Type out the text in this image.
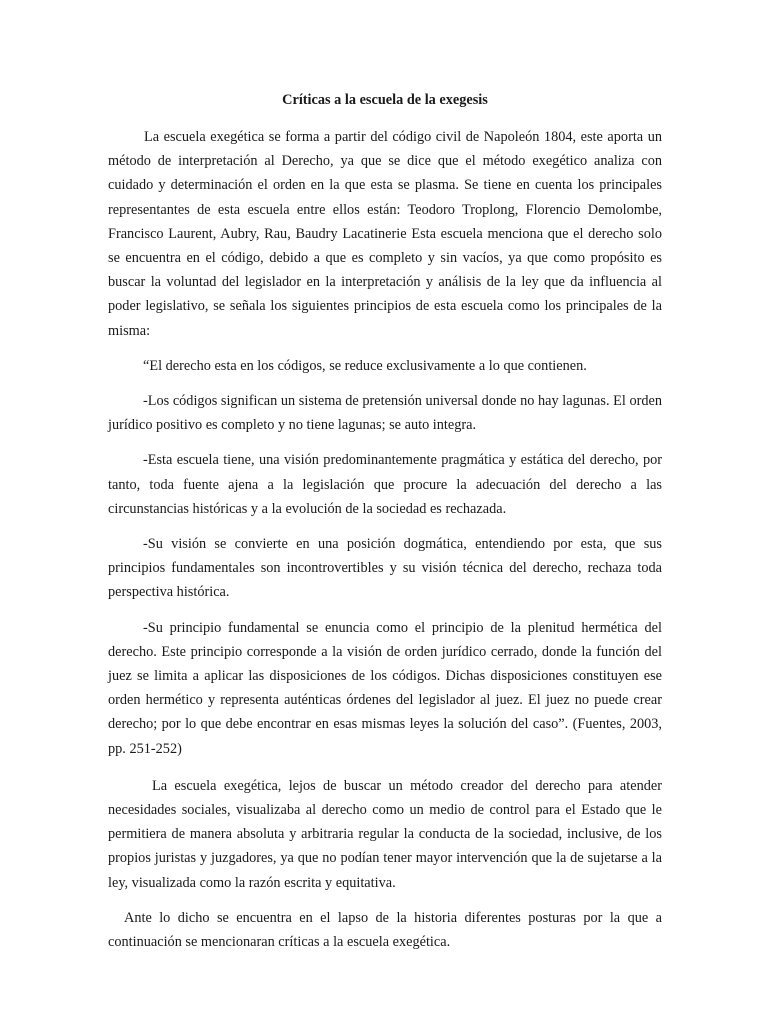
Críticas a la escuela de la exegesis

La escuela exegética se forma a partir del código civil de Napoleón 1804, este aporta un método de interpretación al Derecho, ya que se dice que el método exegético analiza con cuidado y determinación el orden en la que esta se plasma. Se tiene en cuenta los principales representantes de esta escuela entre ellos están: Teodoro Troplong, Florencio Demolombe, Francisco Laurent, Aubry, Rau, Baudry Lacatinerie Esta escuela menciona que el derecho solo se encuentra en el código, debido a que es completo y sin vacíos, ya que como propósito es buscar la voluntad del legislador en la interpretación y análisis de la ley que da influencia al poder legislativo, se señala los siguientes principios de esta escuela como los principales de la misma:

“El derecho esta en los códigos, se reduce exclusivamente a lo que contienen.

-Los códigos significan un sistema de pretensión universal donde no hay lagunas. El orden jurídico positivo es completo y no tiene lagunas; se auto integra.

-Esta escuela tiene, una visión predominantemente pragmática y estática del derecho, por tanto, toda fuente ajena a la legislación que procure la adecuación del derecho a las circunstancias históricas y a la evolución de la sociedad es rechazada.

-Su visión se convierte en una posición dogmática, entendiendo por esta, que sus principios fundamentales son incontrovertibles y su visión técnica del derecho, rechaza toda perspectiva histórica.

-Su principio fundamental se enuncia como el principio de la plenitud hermética del derecho. Este principio corresponde a la visión de orden jurídico cerrado, donde la función del juez se limita a aplicar las disposiciones de los códigos. Dichas disposiciones constituyen ese orden hermético y representa auténticas órdenes del legislador al juez. El juez no puede crear derecho; por lo que debe encontrar en esas mismas leyes la solución del caso”. (Fuentes, 2003, pp. 251-252)

La escuela exegética, lejos de buscar un método creador del derecho para atender necesidades sociales, visualizaba al derecho como un medio de control para el Estado que le permitiera de manera absoluta y arbitraria regular la conducta de la sociedad, inclusive, de los propios juristas y juzgadores, ya que no podían tener mayor intervención que la de sujetarse a la ley, visualizada como la razón escrita y equitativa.

Ante lo dicho se encuentra en el lapso de la historia diferentes posturas por la que a continuación se mencionaran críticas a la escuela exegética.
